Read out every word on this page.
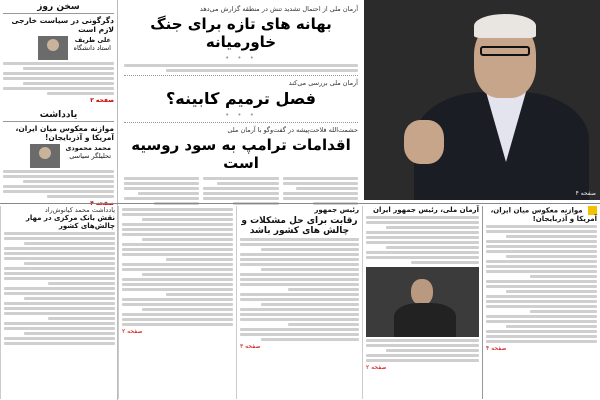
سخن روز
دگرگونی در سیاست خارجی لازم است
علی ظریف
استاد دانشگاه
صفحه ۳
یادداشت
موازنه معکوس میان ایران، آمریکا و آذربایجان!
محمد محمودی
تحلیلگر سیاسی
صفحه ۴
آرمان ملی از احتمال تشدید تنش در منطقه گزارش می‌دهد
بهانه های تازه برای جنگ خاورمیانه
• • •
آرمان ملی بررسی می‌کند
فصل ترمیم کابینه؟
• • •
حشمت‌الله فلاحت‌پیشه در گفت‌وگو با آرمان ملی
اقدامات ترامپ به سود روسیه است
صفحه ۴
موازنه معکوس میان ایران، آمریکا و آذربایجان!
صفحه ۴
آرمان ملی، رئیس جمهور ایران
صفحه ۲
رئیس جمهور
رقابت برای حل مشکلات و چالش های کشور باشد
صفحه ۳
صفحه ۲
یادداشت محمد کیانوش‌راد
نقش بانک مرکزی در مهار چالش‌های کشور
